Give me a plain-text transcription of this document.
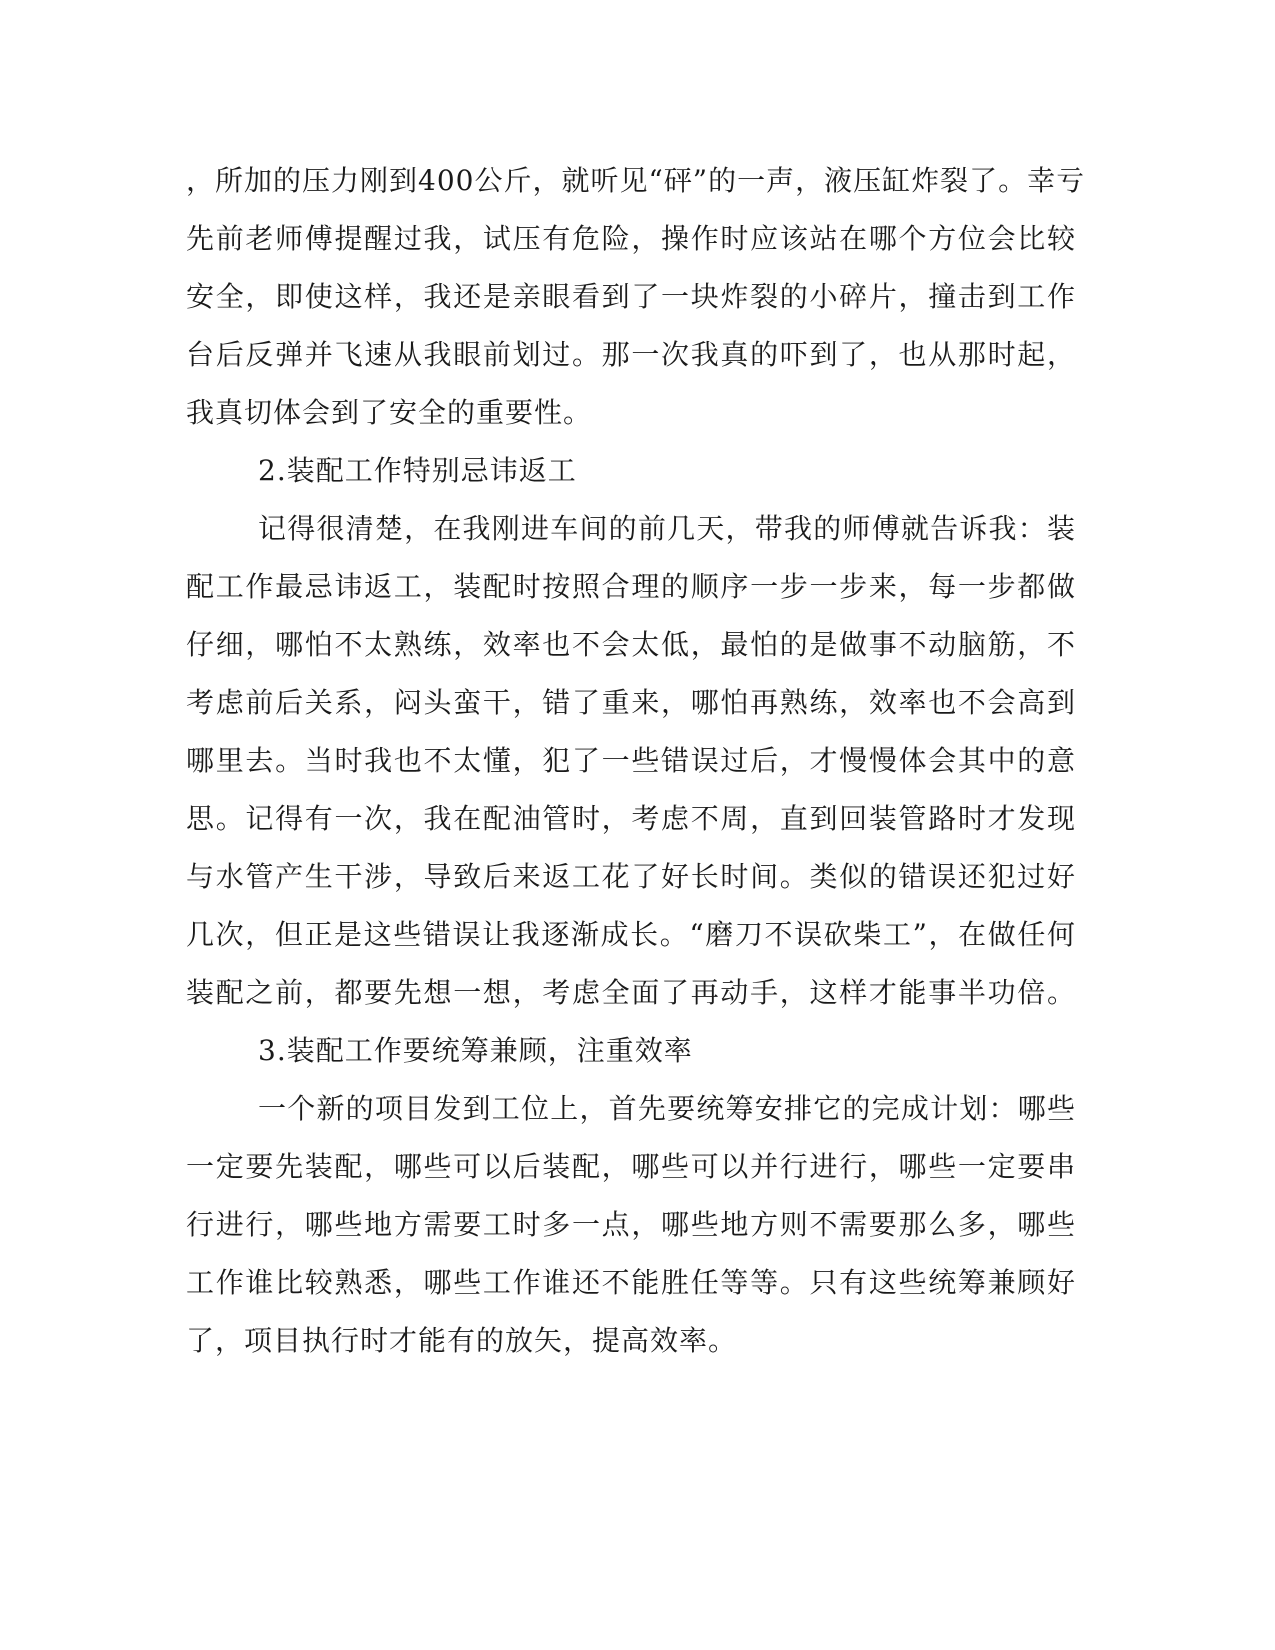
，所加的压力刚到400公斤，就听见“砰”的一声，液压缸炸裂了。幸亏

先前老师傅提醒过我，试压有危险，操作时应该站在哪个方位会比较

安全，即使这样，我还是亲眼看到了一块炸裂的小碎片，撞击到工作

台后反弹并飞速从我眼前划过。那一次我真的吓到了，也从那时起，

我真切体会到了安全的重要性。

2.装配工作特别忌讳返工

记得很清楚，在我刚进车间的前几天，带我的师傅就告诉我：装

配工作最忌讳返工，装配时按照合理的顺序一步一步来，每一步都做

仔细，哪怕不太熟练，效率也不会太低，最怕的是做事不动脑筋，不

考虑前后关系，闷头蛮干，错了重来，哪怕再熟练，效率也不会高到

哪里去。当时我也不太懂，犯了一些错误过后，才慢慢体会其中的意

思。记得有一次，我在配油管时，考虑不周，直到回装管路时才发现

与水管产生干涉，导致后来返工花了好长时间。类似的错误还犯过好

几次，但正是这些错误让我逐渐成长。“磨刀不误砍柴工”，在做任何

装配之前，都要先想一想，考虑全面了再动手，这样才能事半功倍。

3.装配工作要统筹兼顾，注重效率

一个新的项目发到工位上，首先要统筹安排它的完成计划：哪些

一定要先装配，哪些可以后装配，哪些可以并行进行，哪些一定要串

行进行，哪些地方需要工时多一点，哪些地方则不需要那么多，哪些

工作谁比较熟悉，哪些工作谁还不能胜任等等。只有这些统筹兼顾好

了，项目执行时才能有的放矢，提高效率。
